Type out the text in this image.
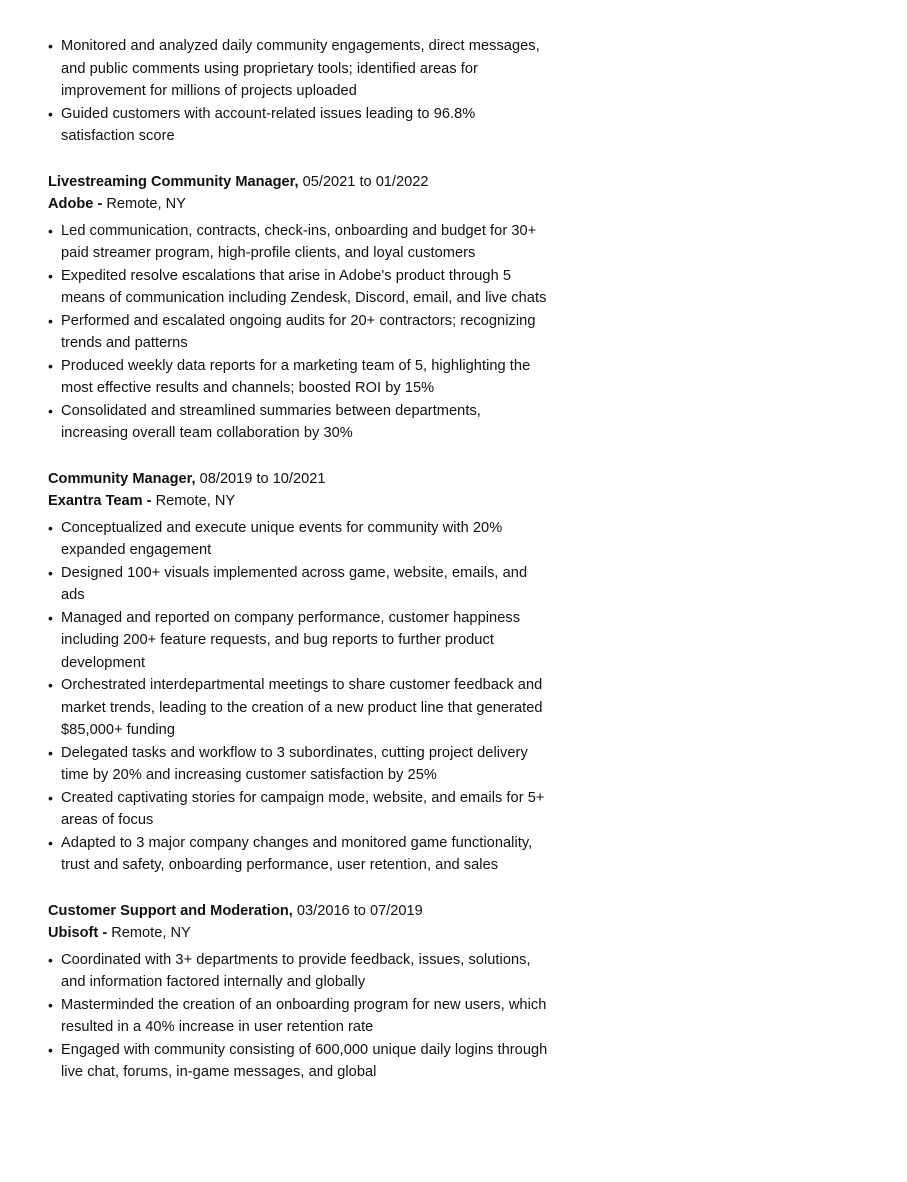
• Monitored and analyzed daily community engagements, direct messages, and public comments using proprietary tools; identified areas for improvement for millions of projects uploaded
• Guided customers with account-related issues leading to 96.8% satisfaction score
Livestreaming Community Manager, 05/2021 to 01/2022
Adobe - Remote, NY
• Led communication, contracts, check-ins, onboarding and budget for 30+ paid streamer program, high-profile clients, and loyal customers
• Expedited resolve escalations that arise in Adobe's product through 5 means of communication including Zendesk, Discord, email, and live chats
• Performed and escalated ongoing audits for 20+ contractors; recognizing trends and patterns
• Produced weekly data reports for a marketing team of 5, highlighting the most effective results and channels; boosted ROI by 15%
• Consolidated and streamlined summaries between departments, increasing overall team collaboration by 30%
Community Manager, 08/2019 to 10/2021
Exantra Team - Remote, NY
• Conceptualized and execute unique events for community with 20% expanded engagement
• Designed 100+ visuals implemented across game, website, emails, and ads
• Managed and reported on company performance, customer happiness including 200+ feature requests, and bug reports to further product development
• Orchestrated interdepartmental meetings to share customer feedback and market trends, leading to the creation of a new product line that generated $85,000+ funding
• Delegated tasks and workflow to 3 subordinates, cutting project delivery time by 20% and increasing customer satisfaction by 25%
• Created captivating stories for campaign mode, website, and emails for 5+ areas of focus
• Adapted to 3 major company changes and monitored game functionality, trust and safety, onboarding performance, user retention, and sales
Customer Support and Moderation, 03/2016 to 07/2019
Ubisoft - Remote, NY
• Coordinated with 3+ departments to provide feedback, issues, solutions, and information factored internally and globally
• Masterminded the creation of an onboarding program for new users, which resulted in a 40% increase in user retention rate
• Engaged with community consisting of 600,000 unique daily logins through live chat, forums, in-game messages, and global
